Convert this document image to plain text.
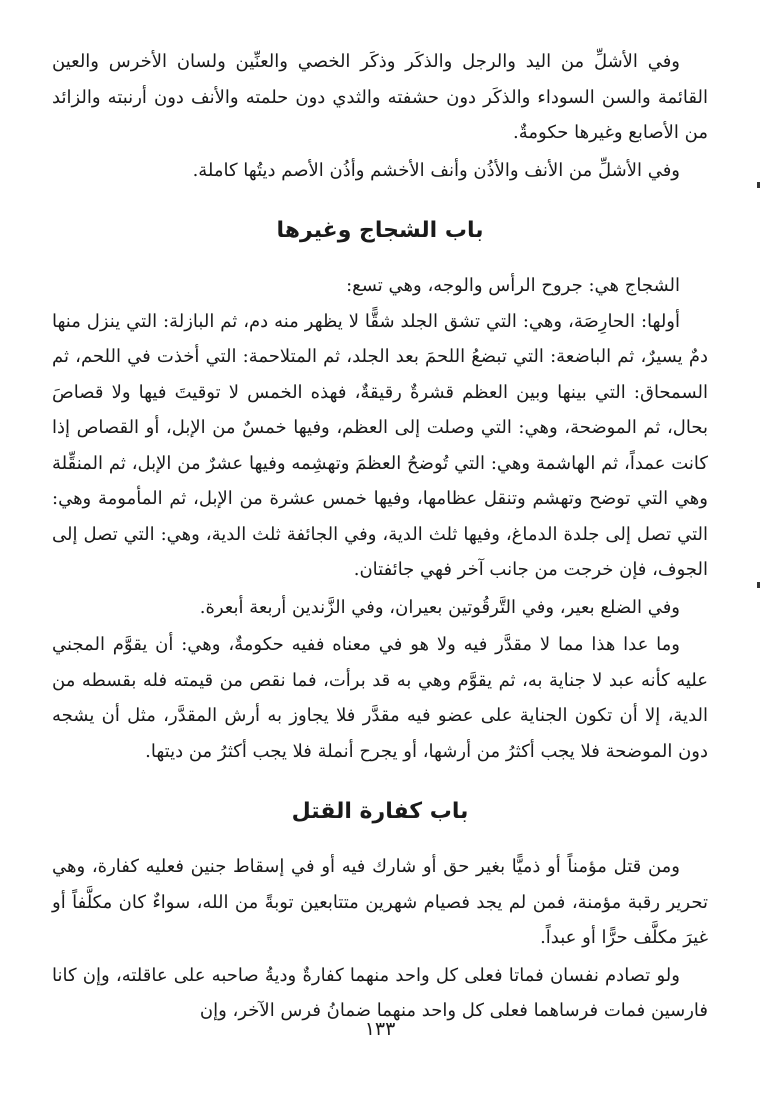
وفي الأشلِّ من اليد والرجل والذكَر وذكَر الخصي والعنِّين ولسان الأخرس والعين القائمة والسن السوداء والذكَر دون حشفته والثدي دون حلمته والأنف دون أرنبته والزائد من الأصابع وغيرها حكومةٌ.

وفي الأشلِّ من الأنف والأذُن وأنف الأخشم وأذُن الأصم ديتُها كاملة.

باب الشجاج وغيرها

الشجاج هي: جروح الرأس والوجه، وهي تسع:

أولها: الحارِصَة، وهي: التي تشق الجلد شقًّا لا يظهر منه دم، ثم البازلة: التي ينزل منها دمٌ يسيرٌ، ثم الباضعة: التي تبضعُ اللحمَ بعد الجلد، ثم المتلاحمة: التي أخذت في اللحم، ثم السمحاق: التي بينها وبين العظم قشرةٌ رقيقةٌ، فهذه الخمس لا توقيتَ فيها ولا قصاصَ بحال، ثم الموضحة، وهي: التي وصلت إلى العظم، وفيها خمسٌ من الإبل، أو القصاص إذا كانت عمداً، ثم الهاشمة وهي: التي تُوضحُ العظمَ وتهشِمه وفيها عشرٌ من الإبل، ثم المنقِّلة وهي التي توضح وتهشم وتنقل عظامها، وفيها خمس عشرة من الإبل، ثم المأمومة وهي: التي تصل إلى جلدة الدماغ، وفيها ثلث الدية، وفي الجائفة ثلث الدية، وهي: التي تصل إلى الجوف، فإن خرجت من جانب آخر فهي جائفتان.

وفي الضلع بعير، وفي التَّرقُوتين بعيران، وفي الزَّندين أربعة أبعرة.

وما عدا هذا مما لا مقدَّر فيه ولا هو في معناه ففيه حكومةٌ، وهي: أن يقوَّم المجني عليه كأنه عبد لا جناية به، ثم يقوَّم وهي به قد برأت، فما نقص من قيمته فله بقسطه من الدية، إلا أن تكون الجناية على عضو فيه مقدَّر فلا يجاوز به أرش المقدَّر، مثل أن يشجه دون الموضحة فلا يجب أكثرُ من أرشها، أو يجرح أنملة فلا يجب أكثرُ من ديتها.

باب كفارة القتل

ومن قتل مؤمناً أو ذميًّا بغير حق أو شارك فيه أو في إسقاط جنين فعليه كفارة، وهي تحرير رقبة مؤمنة، فمن لم يجد فصيام شهرين متتابعين توبةً من الله، سواءٌ كان مكلَّفاً أو غيرَ مكلَّف حرًّا أو عبداً.

ولو تصادم نفسان فماتا فعلى كل واحد منهما كفارةٌ وديةُ صاحبه على عاقلته، وإن كانا فارسين فمات فرساهما فعلى كل واحد منهما ضمانُ فرس الآخر، وإن

١٣٣
